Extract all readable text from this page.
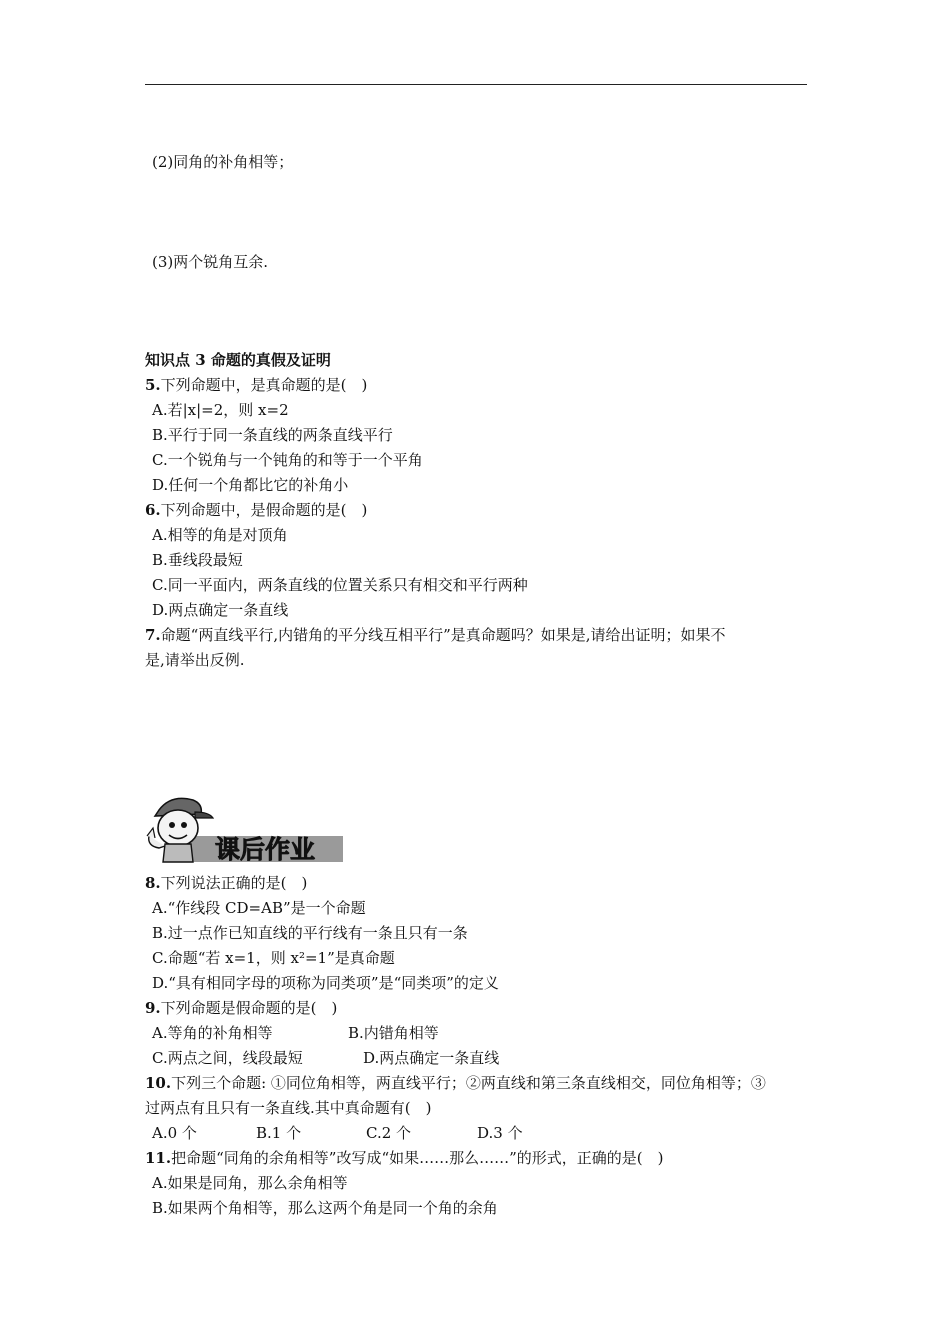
(2)同角的补角相等；
(3)两个锐角互余.
知识点 3 命题的真假及证明
5.下列命题中，是真命题的是(　)
A.若|x|=2，则 x=2
B.平行于同一条直线的两条直线平行
C.一个锐角与一个钝角的和等于一个平角
D.任何一个角都比它的补角小
6.下列命题中，是假命题的是(　)
A.相等的角是对顶角
B.垂线段最短
C.同一平面内，两条直线的位置关系只有相交和平行两种
D.两点确定一条直线
7.命题“两直线平行,内错角的平分线互相平行”是真命题吗？如果是,请给出证明；如果不
是,请举出反例.
课后作业
8.下列说法正确的是(　)
A.“作线段 CD=AB”是一个命题
B.过一点作已知直线的平行线有一条且只有一条
C.命题“若 x=1，则 x²=1”是真命题
D.“具有相同字母的项称为同类项”是“同类项”的定义
9.下列命题是假命题的是(　)
A.等角的补角相等	B.内错角相等
C.两点之间，线段最短	D.两点确定一条直线
10.下列三个命题: ①同位角相等，两直线平行；②两直线和第三条直线相交，同位角相等；③
过两点有且只有一条直线.其中真命题有(　)
A.0 个	B.1 个	C.2 个	D.3 个
11.把命题“同角的余角相等”改写成“如果……那么……”的形式，正确的是(　)
A.如果是同角，那么余角相等
B.如果两个角相等，那么这两个角是同一个角的余角
